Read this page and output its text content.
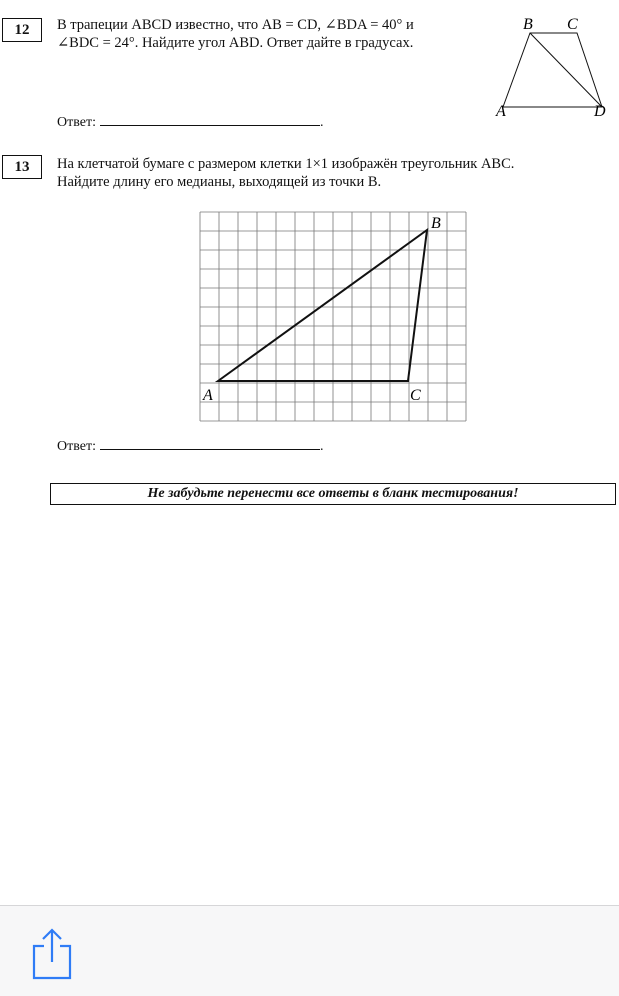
12	В трапеции ABCD известно, что AB = CD, ∠BDA = 40° и
∠BDC = 24°. Найдите угол ABD. Ответ дайте в градусах.
B C
A	D
Ответ:	.
13	На клетчатой бумаге с размером клетки 1×1 изображён треугольник ABC.
Найдите длину его медианы, выходящей из точки B.
A
B
C
Ответ:	.
Не забудьте перенести все ответы в бланк тестирования!
